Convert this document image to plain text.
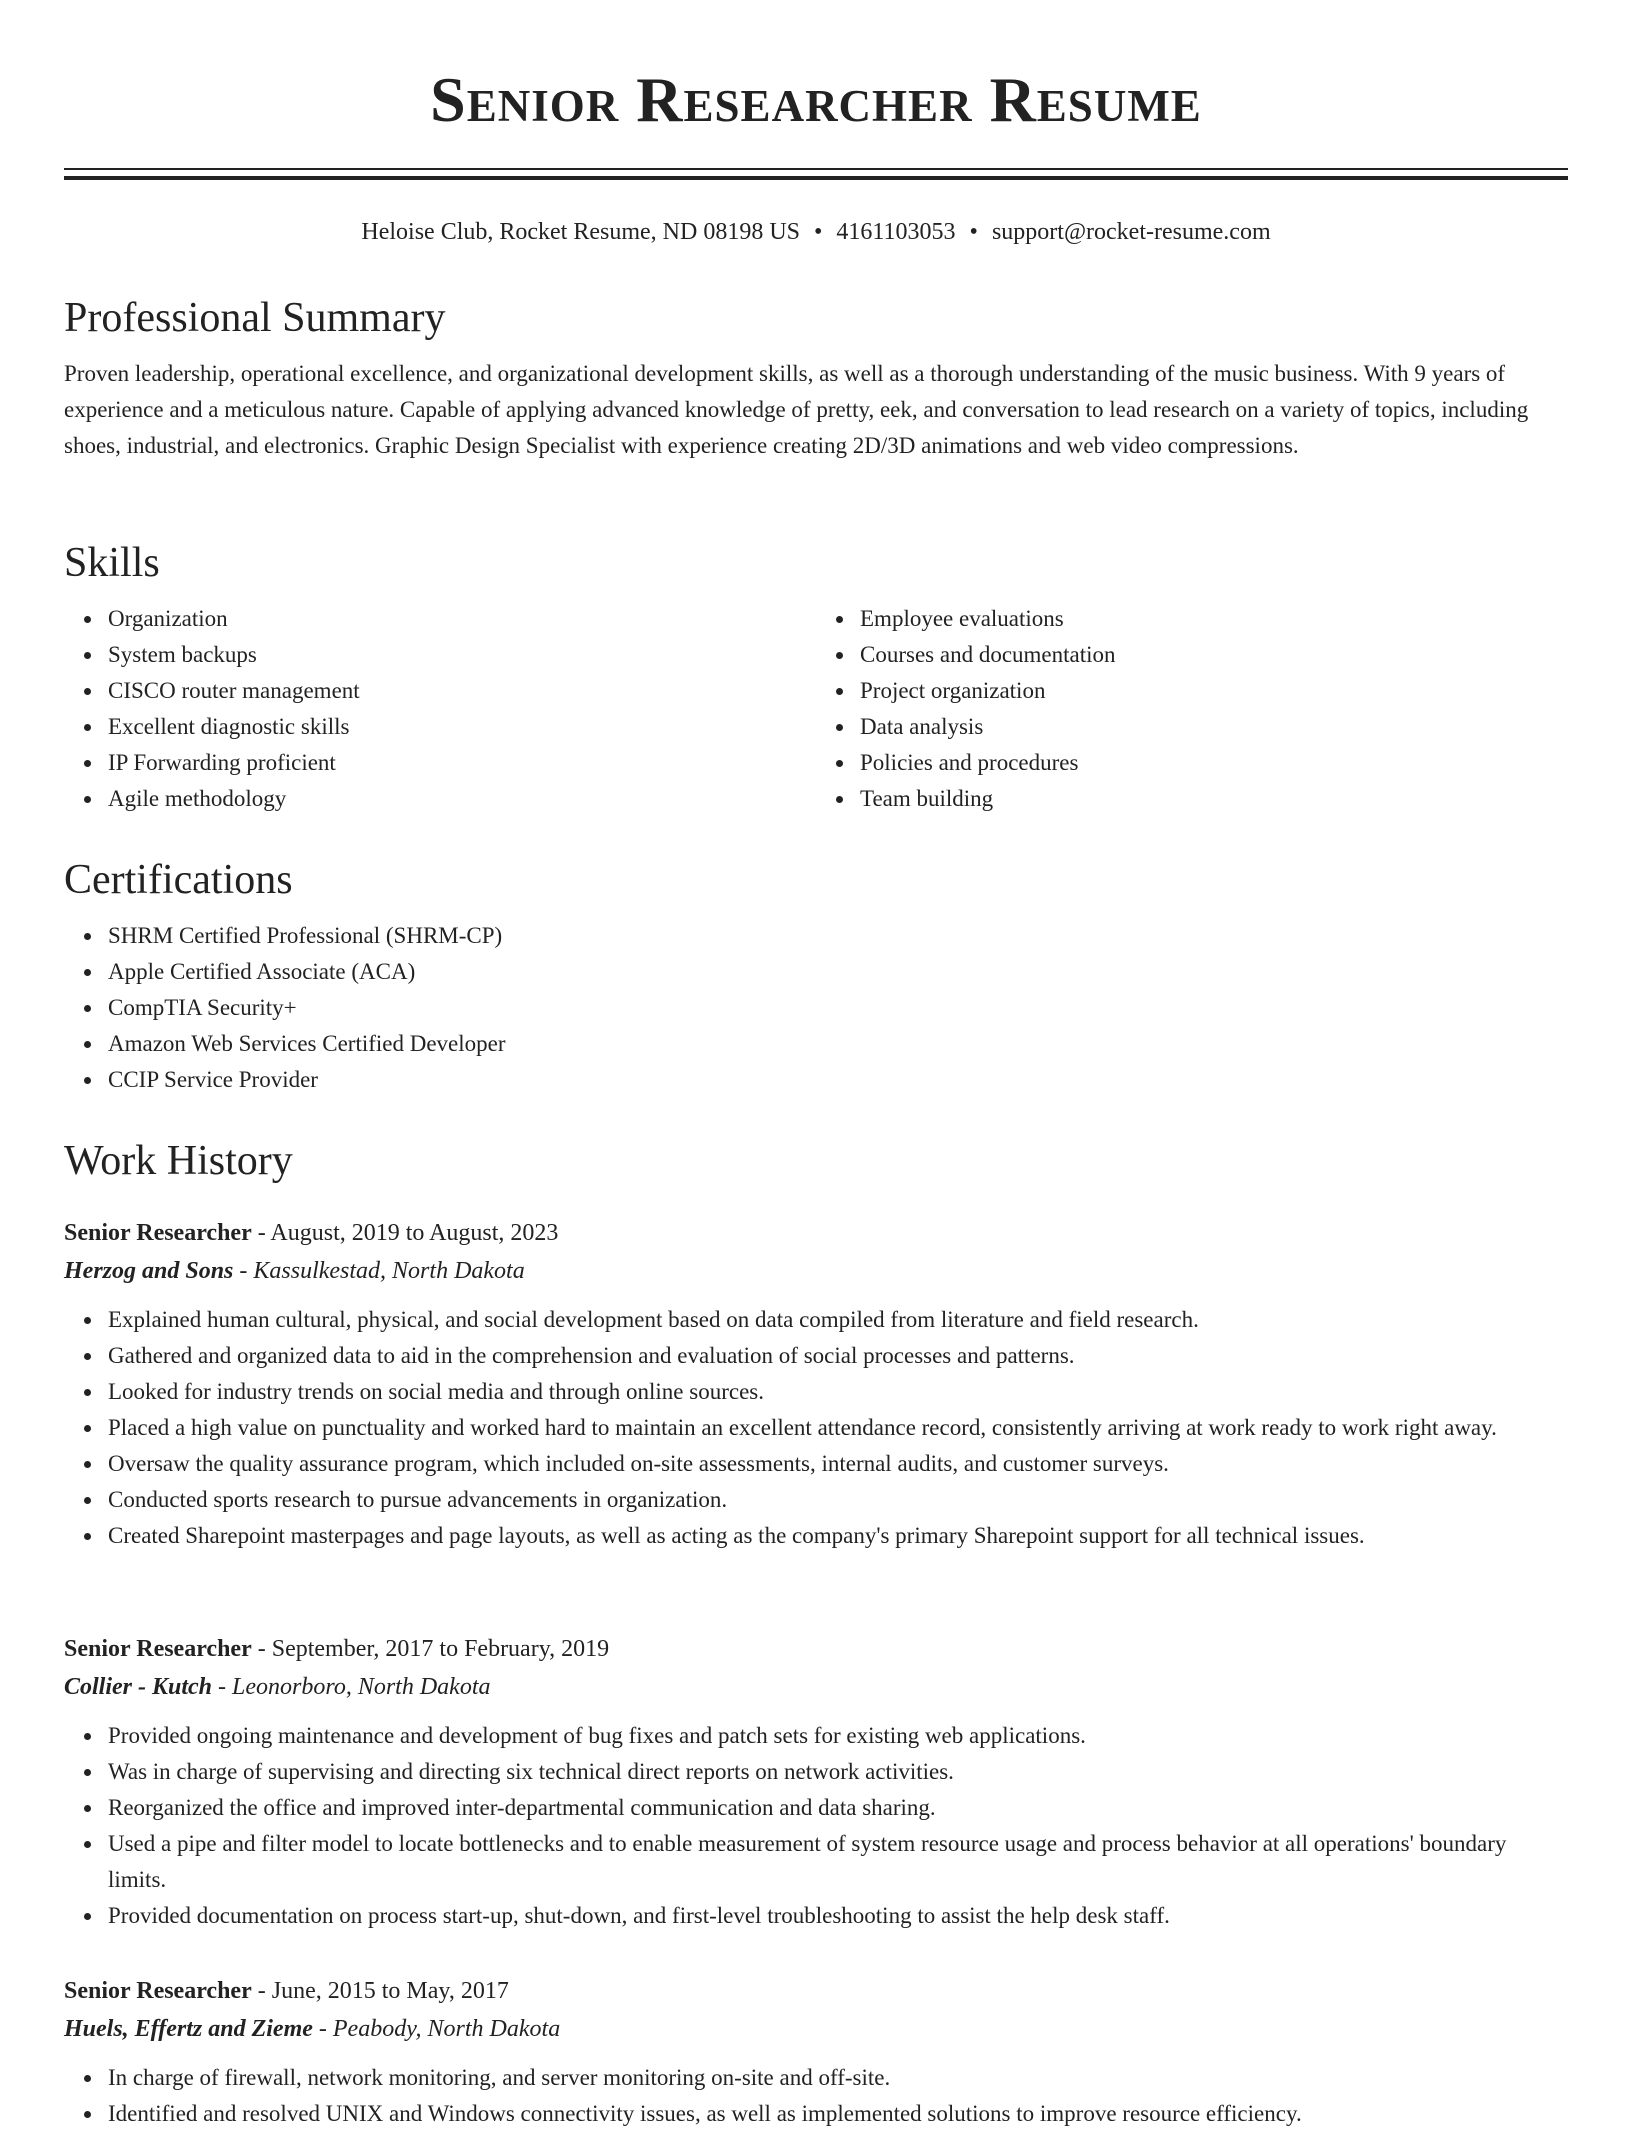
Senior Researcher Resume
Heloise Club, Rocket Resume, ND 08198 US • 4161103053 • support@rocket-resume.com
Professional Summary

Proven leadership, operational excellence, and organizational development skills, as well as a thorough understanding of the music business. With 9 years of experience and a meticulous nature. Capable of applying advanced knowledge of pretty, eek, and conversation to lead research on a variety of topics, including shoes, industrial, and electronics. Graphic Design Specialist with experience creating 2D/3D animations and web video compressions.

Skills
Organization
System backups
CISCO router management
Excellent diagnostic skills
IP Forwarding proficient
Agile methodology
Employee evaluations
Courses and documentation
Project organization
Data analysis
Policies and procedures
Team building
Certifications
SHRM Certified Professional (SHRM-CP)
Apple Certified Associate (ACA)
CompTIA Security+
Amazon Web Services Certified Developer
CCIP Service Provider
Work History
Senior Researcher - August, 2019 to August, 2023
Herzog and Sons - Kassulkestad, North Dakota
Explained human cultural, physical, and social development based on data compiled from literature and field research.
Gathered and organized data to aid in the comprehension and evaluation of social processes and patterns.
Looked for industry trends on social media and through online sources.
Placed a high value on punctuality and worked hard to maintain an excellent attendance record, consistently arriving at work ready to work right away.
Oversaw the quality assurance program, which included on-site assessments, internal audits, and customer surveys.
Conducted sports research to pursue advancements in organization.
Created Sharepoint masterpages and page layouts, as well as acting as the company's primary Sharepoint support for all technical issues.
Senior Researcher - September, 2017 to February, 2019
Collier - Kutch - Leonorboro, North Dakota
Provided ongoing maintenance and development of bug fixes and patch sets for existing web applications.
Was in charge of supervising and directing six technical direct reports on network activities.
Reorganized the office and improved inter-departmental communication and data sharing.
Used a pipe and filter model to locate bottlenecks and to enable measurement of system resource usage and process behavior at all operations' boundary limits.
Provided documentation on process start-up, shut-down, and first-level troubleshooting to assist the help desk staff.
Senior Researcher - June, 2015 to May, 2017
Huels, Effertz and Zieme - Peabody, North Dakota
In charge of firewall, network monitoring, and server monitoring on-site and off-site.
Identified and resolved UNIX and Windows connectivity issues, as well as implemented solutions to improve resource efficiency.
